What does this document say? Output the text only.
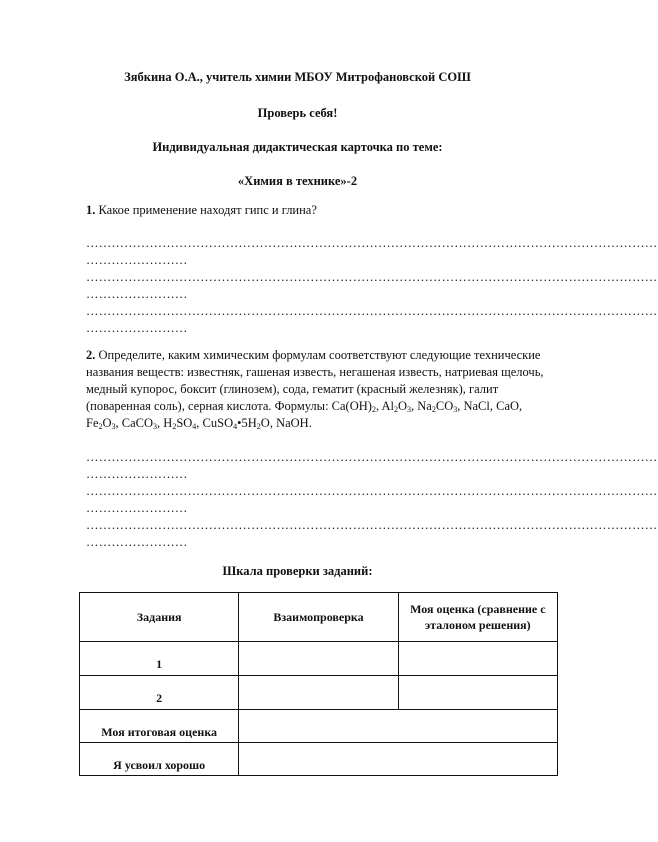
Зябкина О.А., учитель химии МБОУ Митрофановской СОШ
Проверь себя!
Индивидуальная дидактическая карточка по теме:
«Химия в технике»-2
1. Какое применение находят гипс и глина?
………………………………………………………………………………………………………………………
……………………
………………………………………………………………………………………………………………………
……………………
………………………………………………………………………………………………………………………
……………………
2. Определите, каким химическим формулам соответствуют следующие технические названия веществ: известняк, гашеная известь, негашеная известь, натриевая щелочь, медный купорос, боксит (глинозем), сода, гематит (красный железняк), галит (поваренная соль), серная кислота. Формулы: $Ca(OH)_2$, $Al_2O_3$, $Na_2CO_3$, NaCl, CaO, $Fe_2O_3$, CaCO$_3$, $H_2SO_4$, $CuSO_4•5H_2O$, NaOH.
………………………………………………………………………………………………………………………
……………………
………………………………………………………………………………………………………………………
……………………
………………………………………………………………………………………………………………………
……………………
Шкала проверки заданий:
Задания	Взаимопроверка	Моя оценка (сравнение с эталоном решения)
1		
2		
Моя итоговая оценка		
Я усвоил хорошо		
